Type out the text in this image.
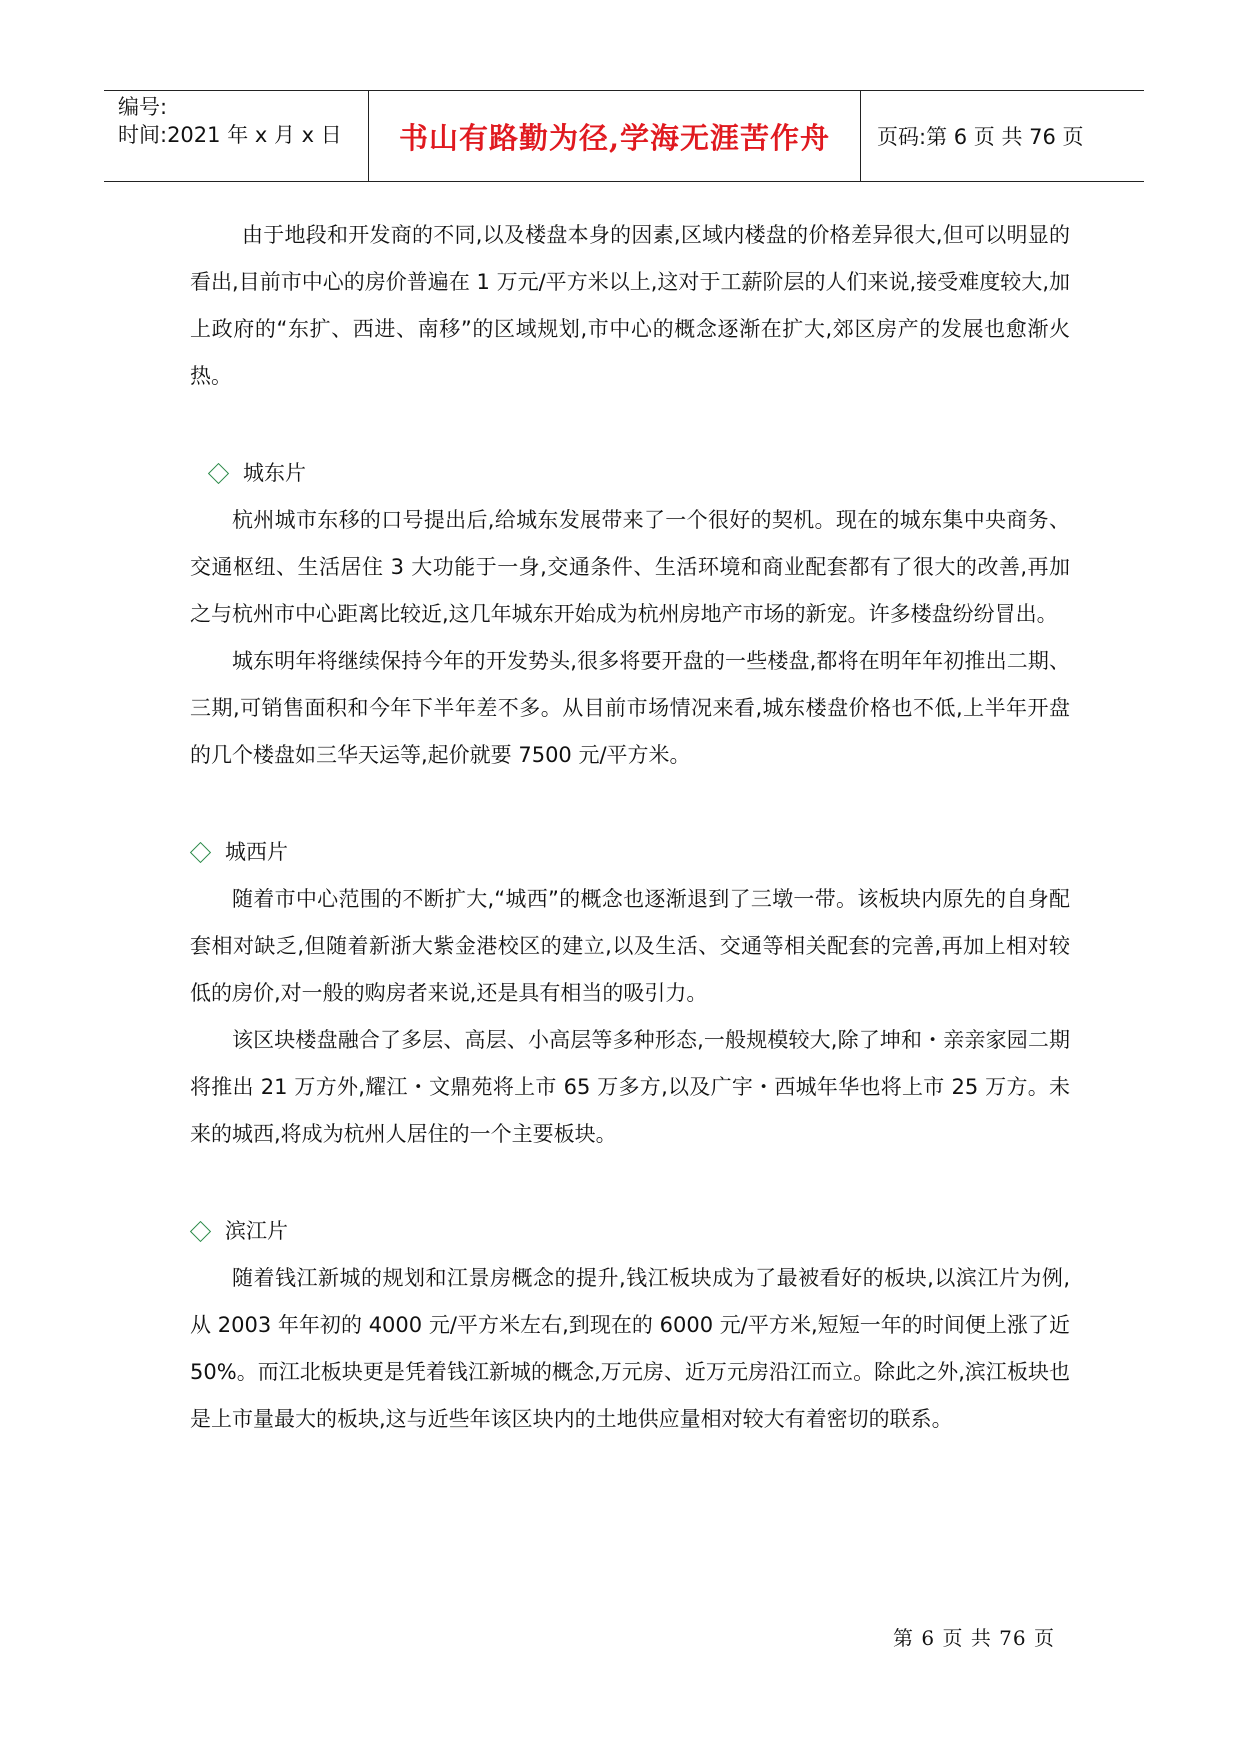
编号:
时间:2021 年 x 月 x 日	书山有路勤为径,学海无涯苦作舟	页码:第 6 页 共 76 页

由于地段和开发商的不同,以及楼盘本身的因素,区域内楼盘的价格差异很大,但可以明显的看出,目前市中心的房价普遍在 1 万元/平方米以上,这对于工薪阶层的人们来说,接受难度较大,加上政府的“东扩、西进、南移”的区域规划,市中心的概念逐渐在扩大,郊区房产的发展也愈渐火热。

城东片

杭州城市东移的口号提出后,给城东发展带来了一个很好的契机。现在的城东集中央商务、交通枢纽、生活居住 3 大功能于一身,交通条件、生活环境和商业配套都有了很大的改善,再加之与杭州市中心距离比较近,这几年城东开始成为杭州房地产市场的新宠。许多楼盘纷纷冒出。

城东明年将继续保持今年的开发势头,很多将要开盘的一些楼盘,都将在明年年初推出二期、三期,可销售面积和今年下半年差不多。从目前市场情况来看,城东楼盘价格也不低,上半年开盘的几个楼盘如三华天运等,起价就要 7500 元/平方米。

城西片

随着市中心范围的不断扩大,“城西”的概念也逐渐退到了三墩一带。该板块内原先的自身配套相对缺乏,但随着新浙大紫金港校区的建立,以及生活、交通等相关配套的完善,再加上相对较低的房价,对一般的购房者来说,还是具有相当的吸引力。

该区块楼盘融合了多层、高层、小高层等多种形态,一般规模较大,除了坤和・亲亲家园二期将推出 21 万方外,耀江・文鼎苑将上市 65 万多方,以及广宇・西城年华也将上市 25 万方。未来的城西,将成为杭州人居住的一个主要板块。

滨江片

随着钱江新城的规划和江景房概念的提升,钱江板块成为了最被看好的板块,以滨江片为例,从 2003 年年初的 4000 元/平方米左右,到现在的 6000 元/平方米,短短一年的时间便上涨了近 50%。而江北板块更是凭着钱江新城的概念,万元房、近万元房沿江而立。除此之外,滨江板块也是上市量最大的板块,这与近些年该区块内的土地供应量相对较大有着密切的联系。

第 6 页 共 76 页
